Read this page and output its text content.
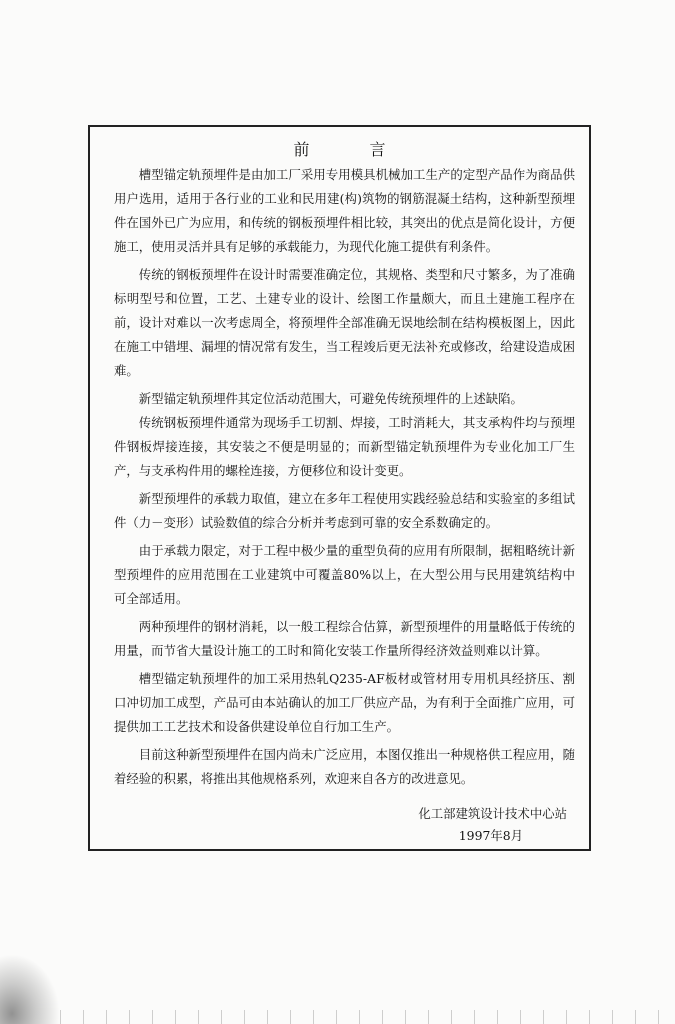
前言

槽型锚定轨预埋件是由加工厂采用专用模具机械加工生产的定型产品作为商品供用户选用，适用于各行业的工业和民用建(构)筑物的钢筋混凝土结构，这种新型预埋件在国外已广为应用，和传统的钢板预埋件相比较，其突出的优点是简化设计，方便施工，使用灵活并具有足够的承载能力，为现代化施工提供有利条件。

传统的钢板预埋件在设计时需要准确定位，其规格、类型和尺寸繁多，为了准确标明型号和位置，工艺、土建专业的设计、绘图工作量颇大，而且土建施工程序在前，设计对难以一次考虑周全，将预埋件全部准确无误地绘制在结构模板图上，因此在施工中错埋、漏埋的情况常有发生，当工程竣后更无法补充或修改，给建设造成困难。

新型锚定轨预埋件其定位活动范围大，可避免传统预埋件的上述缺陷。

传统钢板预埋件通常为现场手工切割、焊接，工时消耗大，其支承构件均与预埋件钢板焊接连接，其安装之不便是明显的；而新型锚定轨预埋件为专业化加工厂生产，与支承构件用的螺栓连接，方便移位和设计变更。

新型预埋件的承载力取值，建立在多年工程使用实践经验总结和实验室的多组试件（力－变形）试验数值的综合分析并考虑到可靠的安全系数确定的。

由于承载力限定，对于工程中极少量的重型负荷的应用有所限制，据粗略统计新型预埋件的应用范围在工业建筑中可覆盖80%以上，在大型公用与民用建筑结构中可全部适用。

两种预埋件的钢材消耗，以一般工程综合估算，新型预埋件的用量略低于传统的用量，而节省大量设计施工的工时和简化安装工作量所得经济效益则难以计算。

槽型锚定轨预埋件的加工采用热轧Q235-AF板材或管材用专用机具经挤压、割口冲切加工成型，产品可由本站确认的加工厂供应产品，为有利于全面推广应用，可提供加工工艺技术和设备供建设单位自行加工生产。

目前这种新型预埋件在国内尚未广泛应用，本图仅推出一种规格供工程应用，随着经验的积累，将推出其他规格系列，欢迎来自各方的改进意见。

化工部建筑设计技术中心站
1997年8月
